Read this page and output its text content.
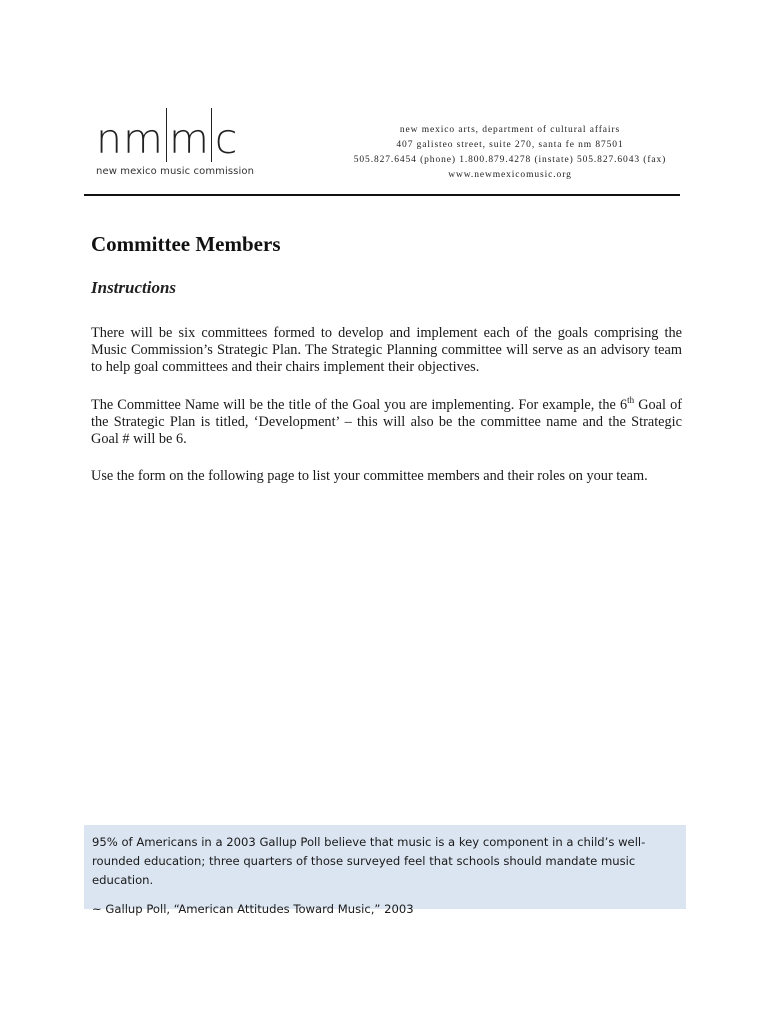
n m m c
new mexico music commission
new mexico arts, department of cultural affairs
407 galisteo street, suite 270, santa fe nm 87501
505.827.6454 (phone) 1.800.879.4278 (instate) 505.827.6043 (fax)
www.newmexicomusic.org
Committee Members
Instructions

There will be six committees formed to develop and implement each of the goals comprising the Music Commission’s Strategic Plan. The Strategic Planning committee will serve as an advisory team to help goal committees and their chairs implement their objectives.

The Committee Name will be the title of the Goal you are implementing. For example, the 6th Goal of the Strategic Plan is titled, ‘Development’ – this will also be the committee name and the Strategic Goal # will be 6.

Use the form on the following page to list your committee members and their roles on your team.

95% of Americans in a 2003 Gallup Poll believe that music is a key component in a child’s well-rounded education; three quarters of those surveyed feel that schools should mandate music education.

~ Gallup Poll, “American Attitudes Toward Music,” 2003
